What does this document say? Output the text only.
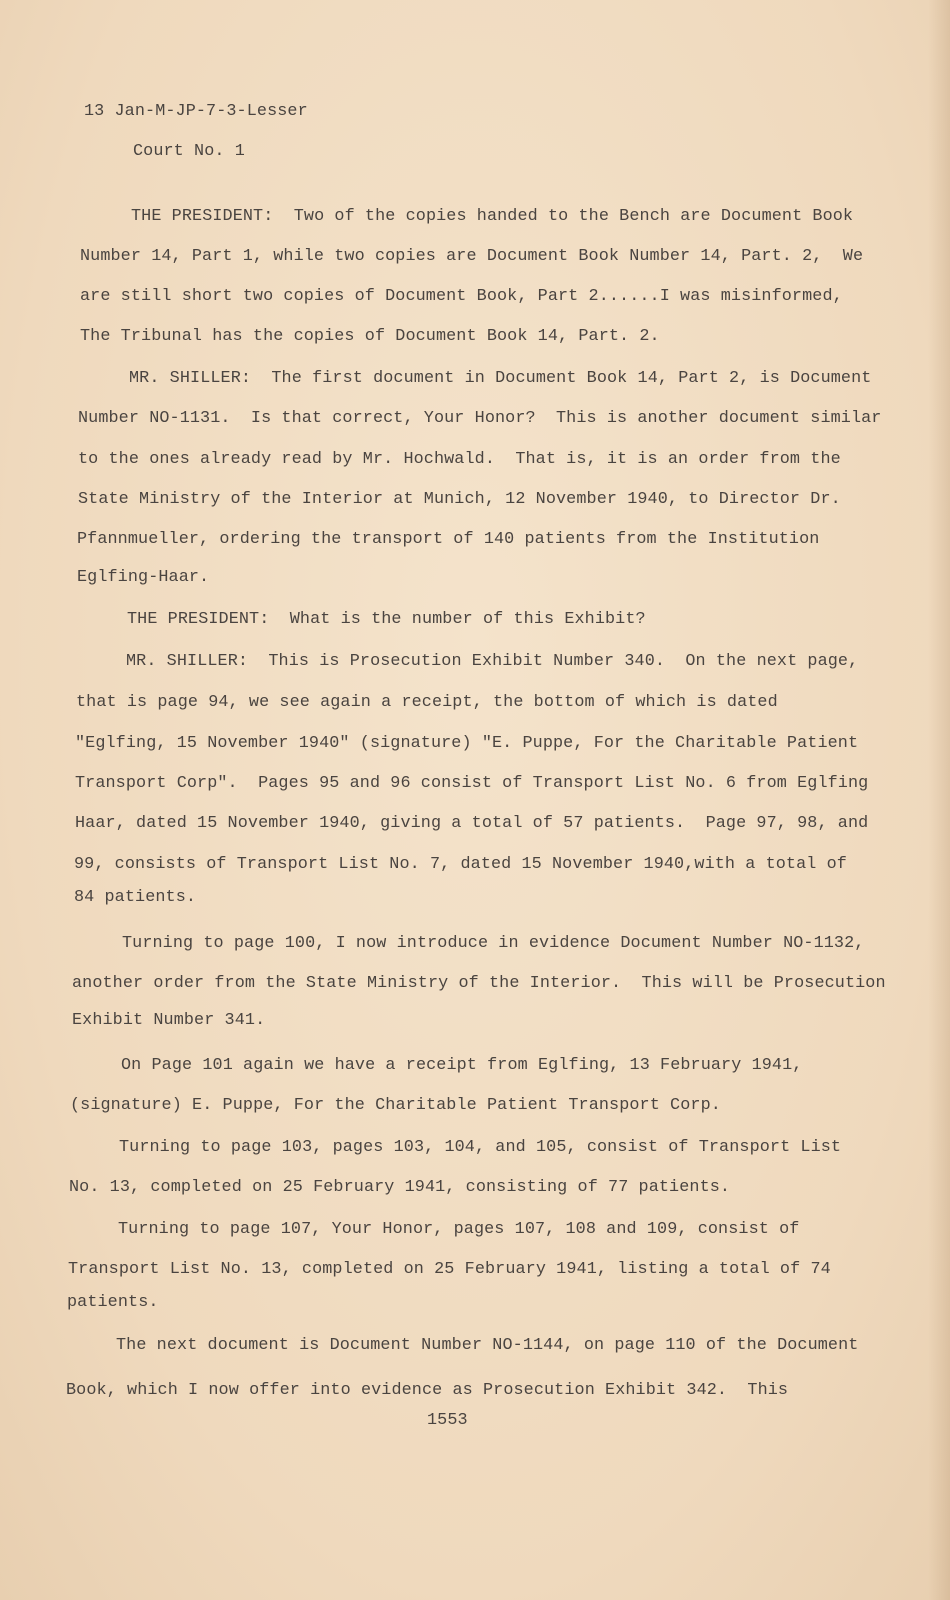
13 Jan-M-JP-7-3-Lesser
Court No. 1
THE PRESIDENT:  Two of the copies handed to the Bench are Document Book
Number 14, Part 1, while two copies are Document Book Number 14, Part. 2,  We
are still short two copies of Document Book, Part 2......I was misinformed,
The Tribunal has the copies of Document Book 14, Part. 2.
MR. SHILLER:  The first document in Document Book 14, Part 2, is Document
Number NO-1131.  Is that correct, Your Honor?  This is another document similar
to the ones already read by Mr. Hochwald.  That is, it is an order from the
State Ministry of the Interior at Munich, 12 November 1940, to Director Dr.
Pfannmueller, ordering the transport of 140 patients from the Institution
Eglfing-Haar.
THE PRESIDENT:  What is the number of this Exhibit?
MR. SHILLER:  This is Prosecution Exhibit Number 340.  On the next page,
that is page 94, we see again a receipt, the bottom of which is dated
"Eglfing, 15 November 1940" (signature) "E. Puppe, For the Charitable Patient
Transport Corp".  Pages 95 and 96 consist of Transport List No. 6 from Eglfing
Haar, dated 15 November 1940, giving a total of 57 patients.  Page 97, 98, and
99, consists of Transport List No. 7, dated 15 November 1940,with a total of
84 patients.
Turning to page 100, I now introduce in evidence Document Number NO-1132,
another order from the State Ministry of the Interior.  This will be Prosecution
Exhibit Number 341.
On Page 101 again we have a receipt from Eglfing, 13 February 1941,
(signature) E. Puppe, For the Charitable Patient Transport Corp.
Turning to page 103, pages 103, 104, and 105, consist of Transport List
No. 13, completed on 25 February 1941, consisting of 77 patients.
Turning to page 107, Your Honor, pages 107, 108 and 109, consist of
Transport List No. 13, completed on 25 February 1941, listing a total of 74
patients.
The next document is Document Number NO-1144, on page 110 of the Document
Book, which I now offer into evidence as Prosecution Exhibit 342.  This
1553
